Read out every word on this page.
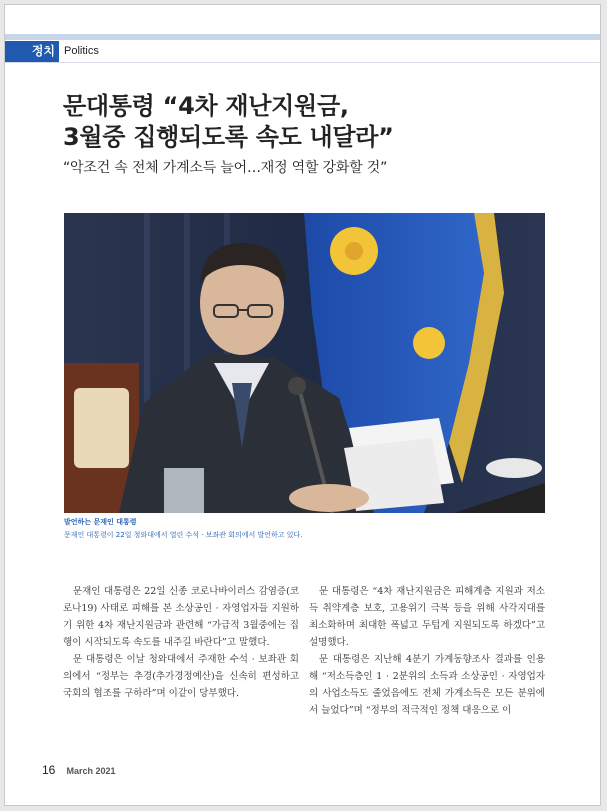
정치 Politics
문대통령 “4차 재난지원금,
3월중 집행되도록 속도 내달라”
“악조건 속 전체 가계소득 늘어…재정 역할 강화할 것”
발언하는 문재인 대통령
문재인 대통령이 22일 청와대에서 열린 수석 · 보좌관 회의에서 발언하고 있다.

문재인 대통령은 22일 신종 코로나바이러스 감염증(코로나19) 사태로 피해를 본 소상공인 · 자영업자들 지원하기 위한 4차 재난지원금과 관련해 “가급적 3월중에는 집행이 시작되도록 속도를 내주길 바란다”고 말했다.

문 대통령은 이날 청와대에서 주재한 수석 · 보좌관 회의에서 “정부는 추경(추가경정예산)을 신속히 편성하고 국회의 협조를 구하라”며 이같이 당부했다.

문 대통령은 “4차 재난지원금은 피해계층 지원과 저소득 취약계층 보호, 고용위기 극복 등을 위해 사각지대를 최소화하며 최대한 폭넓고 두텁게 지원되도록 하겠다”고 설명했다.

문 대통령은 지난해 4분기 가계동향조사 결과를 인용해 “저소득층인 1 · 2분위의 소득과 소상공인 · 자영업자의 사업소득도 줄었음에도 전체 가계소득은 모든 분위에서 늘었다”며 “정부의 적극적인 정책 대응으로 이

16 March 2021
